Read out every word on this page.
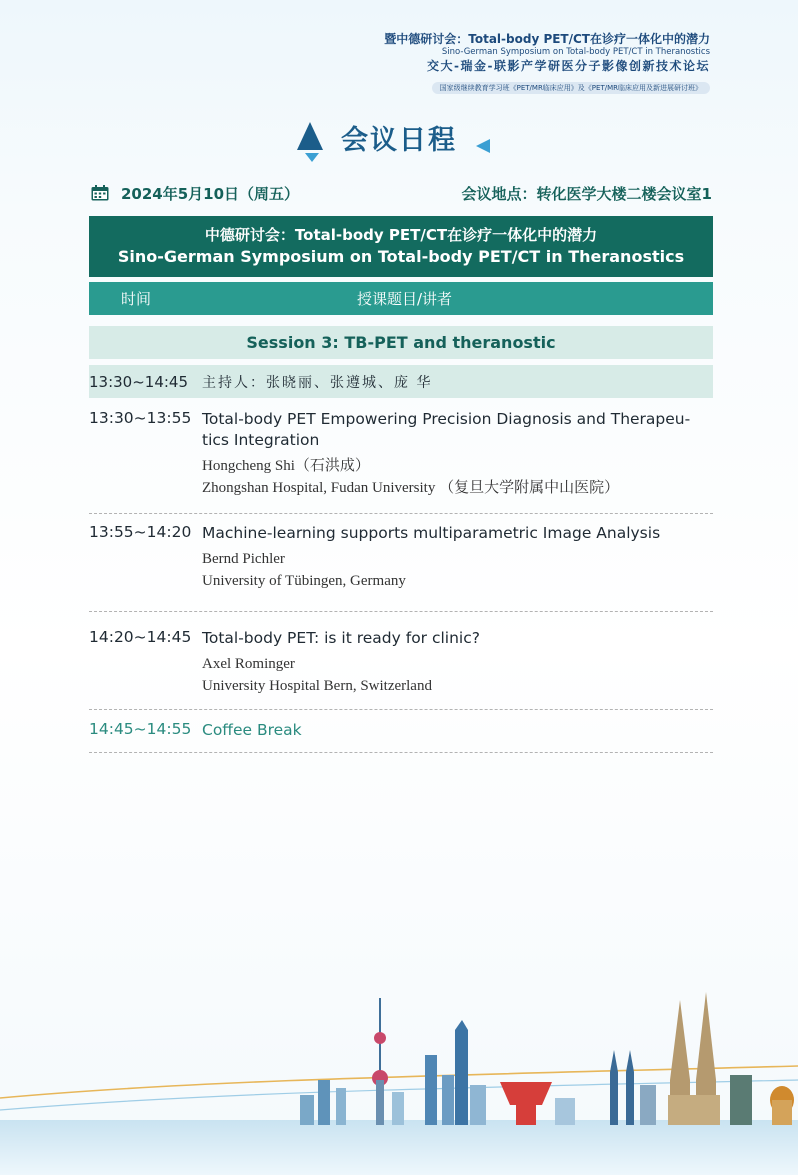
暨中德研讨会：Total-body PET/CT在诊疗一体化中的潜力
Sino-German Symposium on Total-body PET/CT in Theranostics
交大-瑞金-联影产学研医分子影像创新技术论坛
国家级继续教育学习班《PET/MR临床应用》及《PET/MR临床应用及新进展研讨班》
会议日程
2024年5月10日（周五）	会议地点：转化医学大楼二楼会议室1
中德研讨会：Total-body PET/CT在诊疗一体化中的潜力
Sino-German Symposium on Total-body PET/CT in Theranostics
时间	授课题目/讲者
Session 3: TB-PET and theranostic
13:30~14:45 主持人：张晓丽、张遵城、庞 华
13:30~13:55 Total-body PET Empowering Precision Diagnosis and Therapeu-tics Integration
Hongcheng Shi（石洪成）
Zhongshan Hospital, Fudan University （复旦大学附属中山医院）
13:55~14:20 Machine-learning supports multiparametric Image Analysis
Bernd Pichler
University of Tübingen, Germany
14:20~14:45 Total-body PET: is it ready for clinic?
Axel Rominger
University Hospital Bern, Switzerland
14:45~14:55 Coffee Break
